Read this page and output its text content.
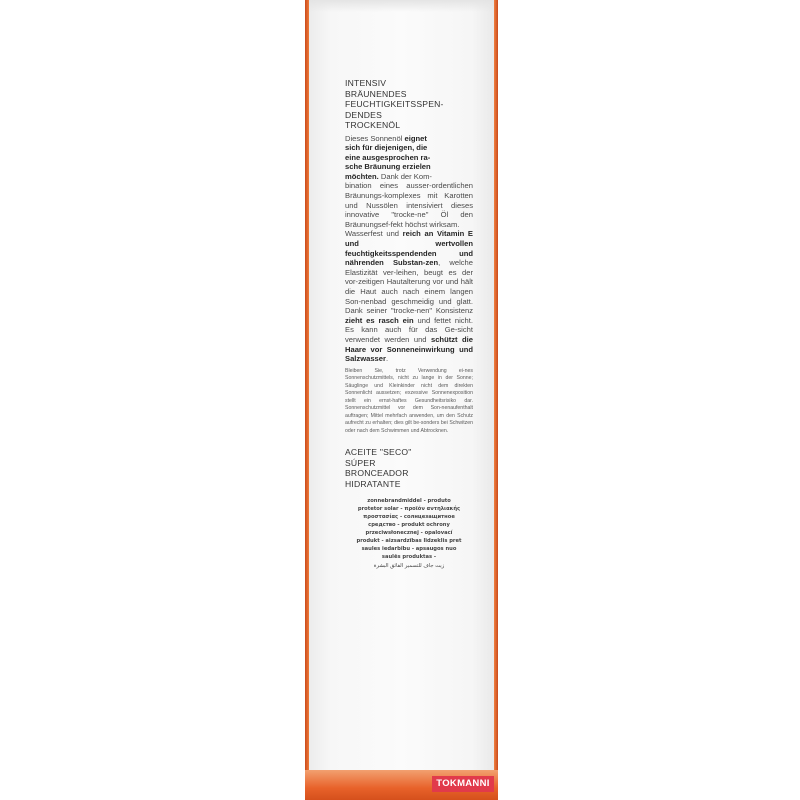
INTENSIV

BRÄUNENDES

FEUCHTIGKEITSSPEN-

DENDES

TROCKENÖL

Dieses Sonnenöl eignet

sich für diejenigen, die

eine ausgesprochen ra-

sche Bräunung erzielen

möchten. Dank der Kom-

bination eines ausser-ordentlichen Bräunungs-komplexes mit Karotten und Nussölen intensiviert dieses innovative "trocke-ne" Öl den Bräunungsef-fekt höchst wirksam.

Wasserfest und reich an Vitamin E und wertvollen feuchtigkeitsspendenden und nährenden Substan-zen, welche Elastizität ver-leihen, beugt es der vor-zeitigen Hautalterung vor und hält die Haut auch nach einem langen Son-nenbad geschmeidig und glatt. Dank seiner "trocke-nen" Konsistenz zieht es rasch ein und fettet nicht. Es kann auch für das Ge-sicht verwendet werden und schützt die Haare vor Sonneneinwirkung und Salzwasser.

Bleiben Sie, trotz Verwendung ei-nes Sonnenschutzmittels, nicht zu lange in der Sonne; Säuglinge und Kleinkinder nicht dem direkten Sonnenlicht aussetzen; exzessive Sonnenexposition stellt ein ernst-haftes Gesundheitsrisiko dar. Sonnenschutzmittel vor dem Son-nenaufenthalt auftragen; Mittel mehrfach anwenden, um den Schutz aufrecht zu erhalten; dies gilt be-sonders bei Schwitzen oder nach dem Schwimmen und Abtrocknen.

ACEITE "SECO"

SÚPER

BRONCEADOR

HIDRATANTE

zonnebrandmiddel - produto

protetor solar - προϊόν αντηλιακής

προστασίας - солнцезащитное

средство - produkt ochrony

przeciwsłonecznej - opalovací

produkt - aizsardzības līdzeklis pret

saules iedarbību - apsaugos nuo

saulės produktas -

زيت جاف للتسمير الفائق البشرة

TOKMANNI
